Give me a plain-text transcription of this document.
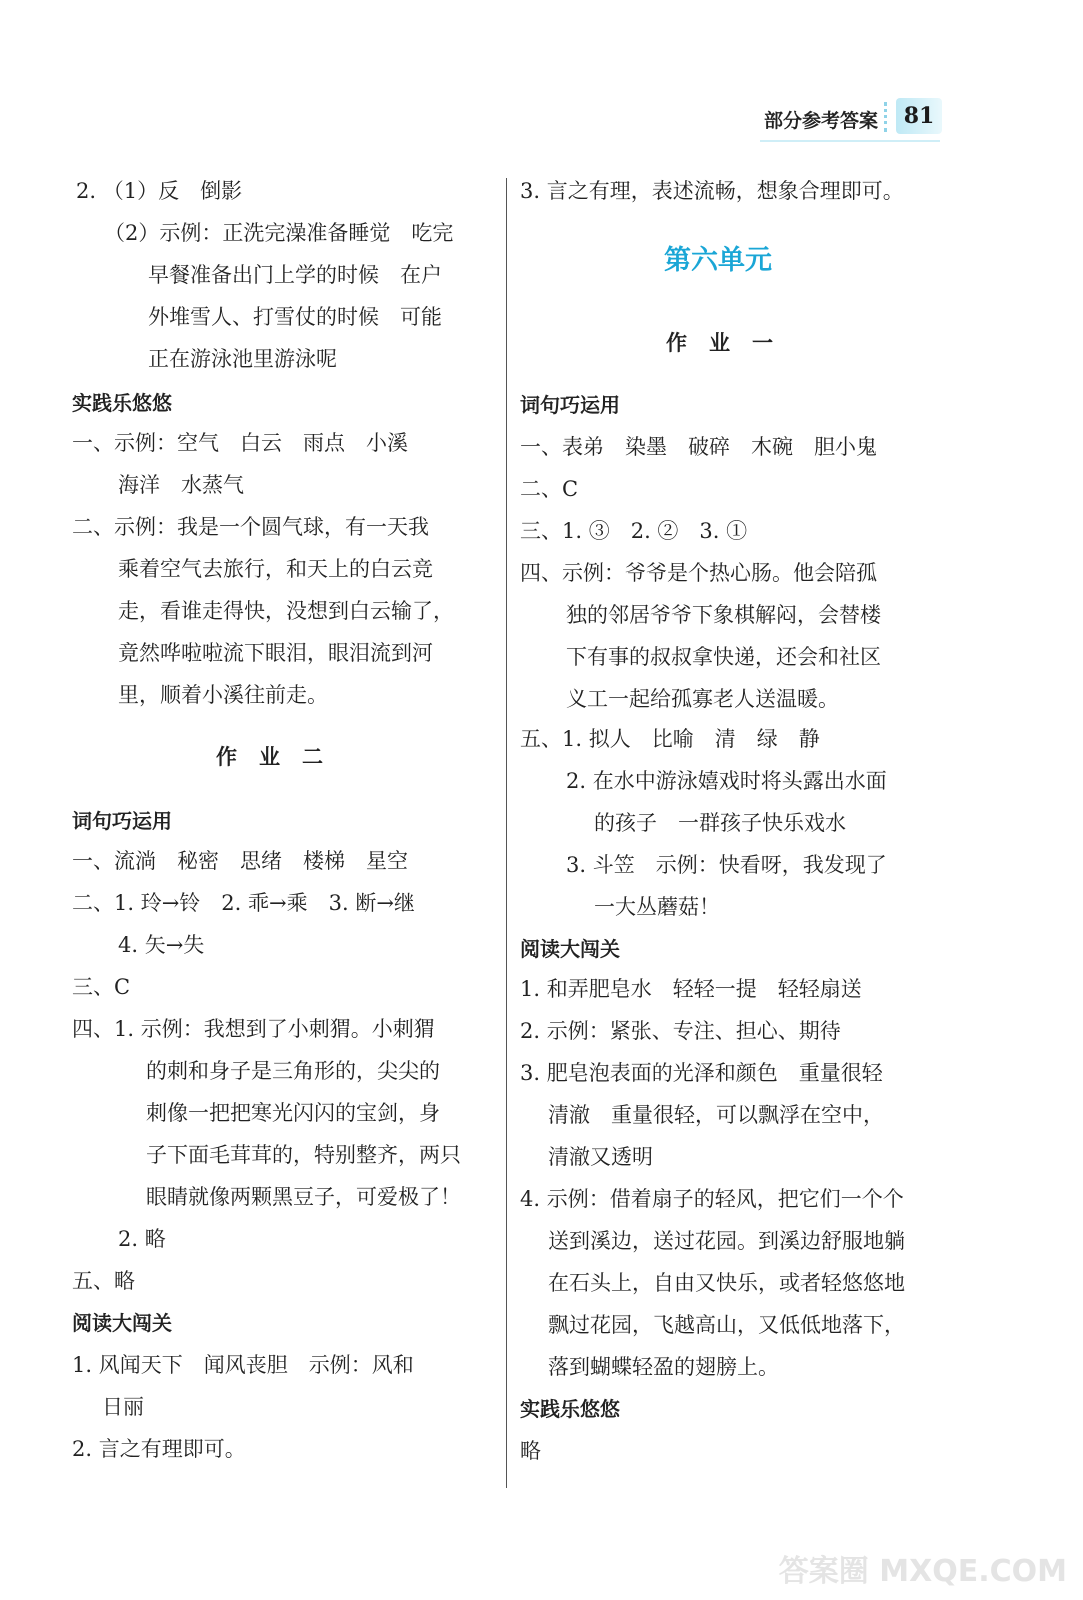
部分参考答案	81
2. （1）反　倒影
（2）示例：正洗完澡准备睡觉　吃完
早餐准备出门上学的时候　在户
外堆雪人、打雪仗的时候　可能
正在游泳池里游泳呢
实践乐悠悠
一、示例：空气　白云　雨点　小溪
海洋　水蒸气
二、示例：我是一个圆气球，有一天我
乘着空气去旅行，和天上的白云竞
走，看谁走得快，没想到白云输了，
竟然哗啦啦流下眼泪，眼泪流到河
里，顺着小溪往前走。
作业二
词句巧运用
一、流淌　秘密　思绪　楼梯　星空
二、1. 玲→铃　2. 乖→乘　3. 断→继
4. 矢→失
三、C
四、1. 示例：我想到了小刺猬。小刺猬
的刺和身子是三角形的，尖尖的
刺像一把把寒光闪闪的宝剑，身
子下面毛茸茸的，特别整齐，两只
眼睛就像两颗黑豆子，可爱极了！
2. 略
五、略
阅读大闯关
1. 风闻天下　闻风丧胆　示例：风和
日丽
2. 言之有理即可。
3. 言之有理，表述流畅，想象合理即可。
作业一
词句巧运用
一、表弟　染墨　破碎　木碗　胆小鬼
二、C
三、1. ③　2. ②　3. ①
四、示例：爷爷是个热心肠。他会陪孤
独的邻居爷爷下象棋解闷，会替楼
下有事的叔叔拿快递，还会和社区
义工一起给孤寡老人送温暖。
五、1. 拟人　比喻　清　绿　静
2. 在水中游泳嬉戏时将头露出水面
的孩子　一群孩子快乐戏水
3. 斗笠　示例：快看呀，我发现了
一大丛蘑菇！
阅读大闯关
1. 和弄肥皂水　轻轻一提　轻轻扇送
2. 示例：紧张、专注、担心、期待
3. 肥皂泡表面的光泽和颜色　重量很轻
清澈　重量很轻，可以飘浮在空中，
清澈又透明
4. 示例：借着扇子的轻风，把它们一个个
送到溪边，送过花园。到溪边舒服地躺
在石头上，自由又快乐，或者轻悠悠地
飘过花园，飞越高山，又低低地落下，
落到蝴蝶轻盈的翅膀上。
实践乐悠悠
略
第六单元
答案圈 MXQE.COM
